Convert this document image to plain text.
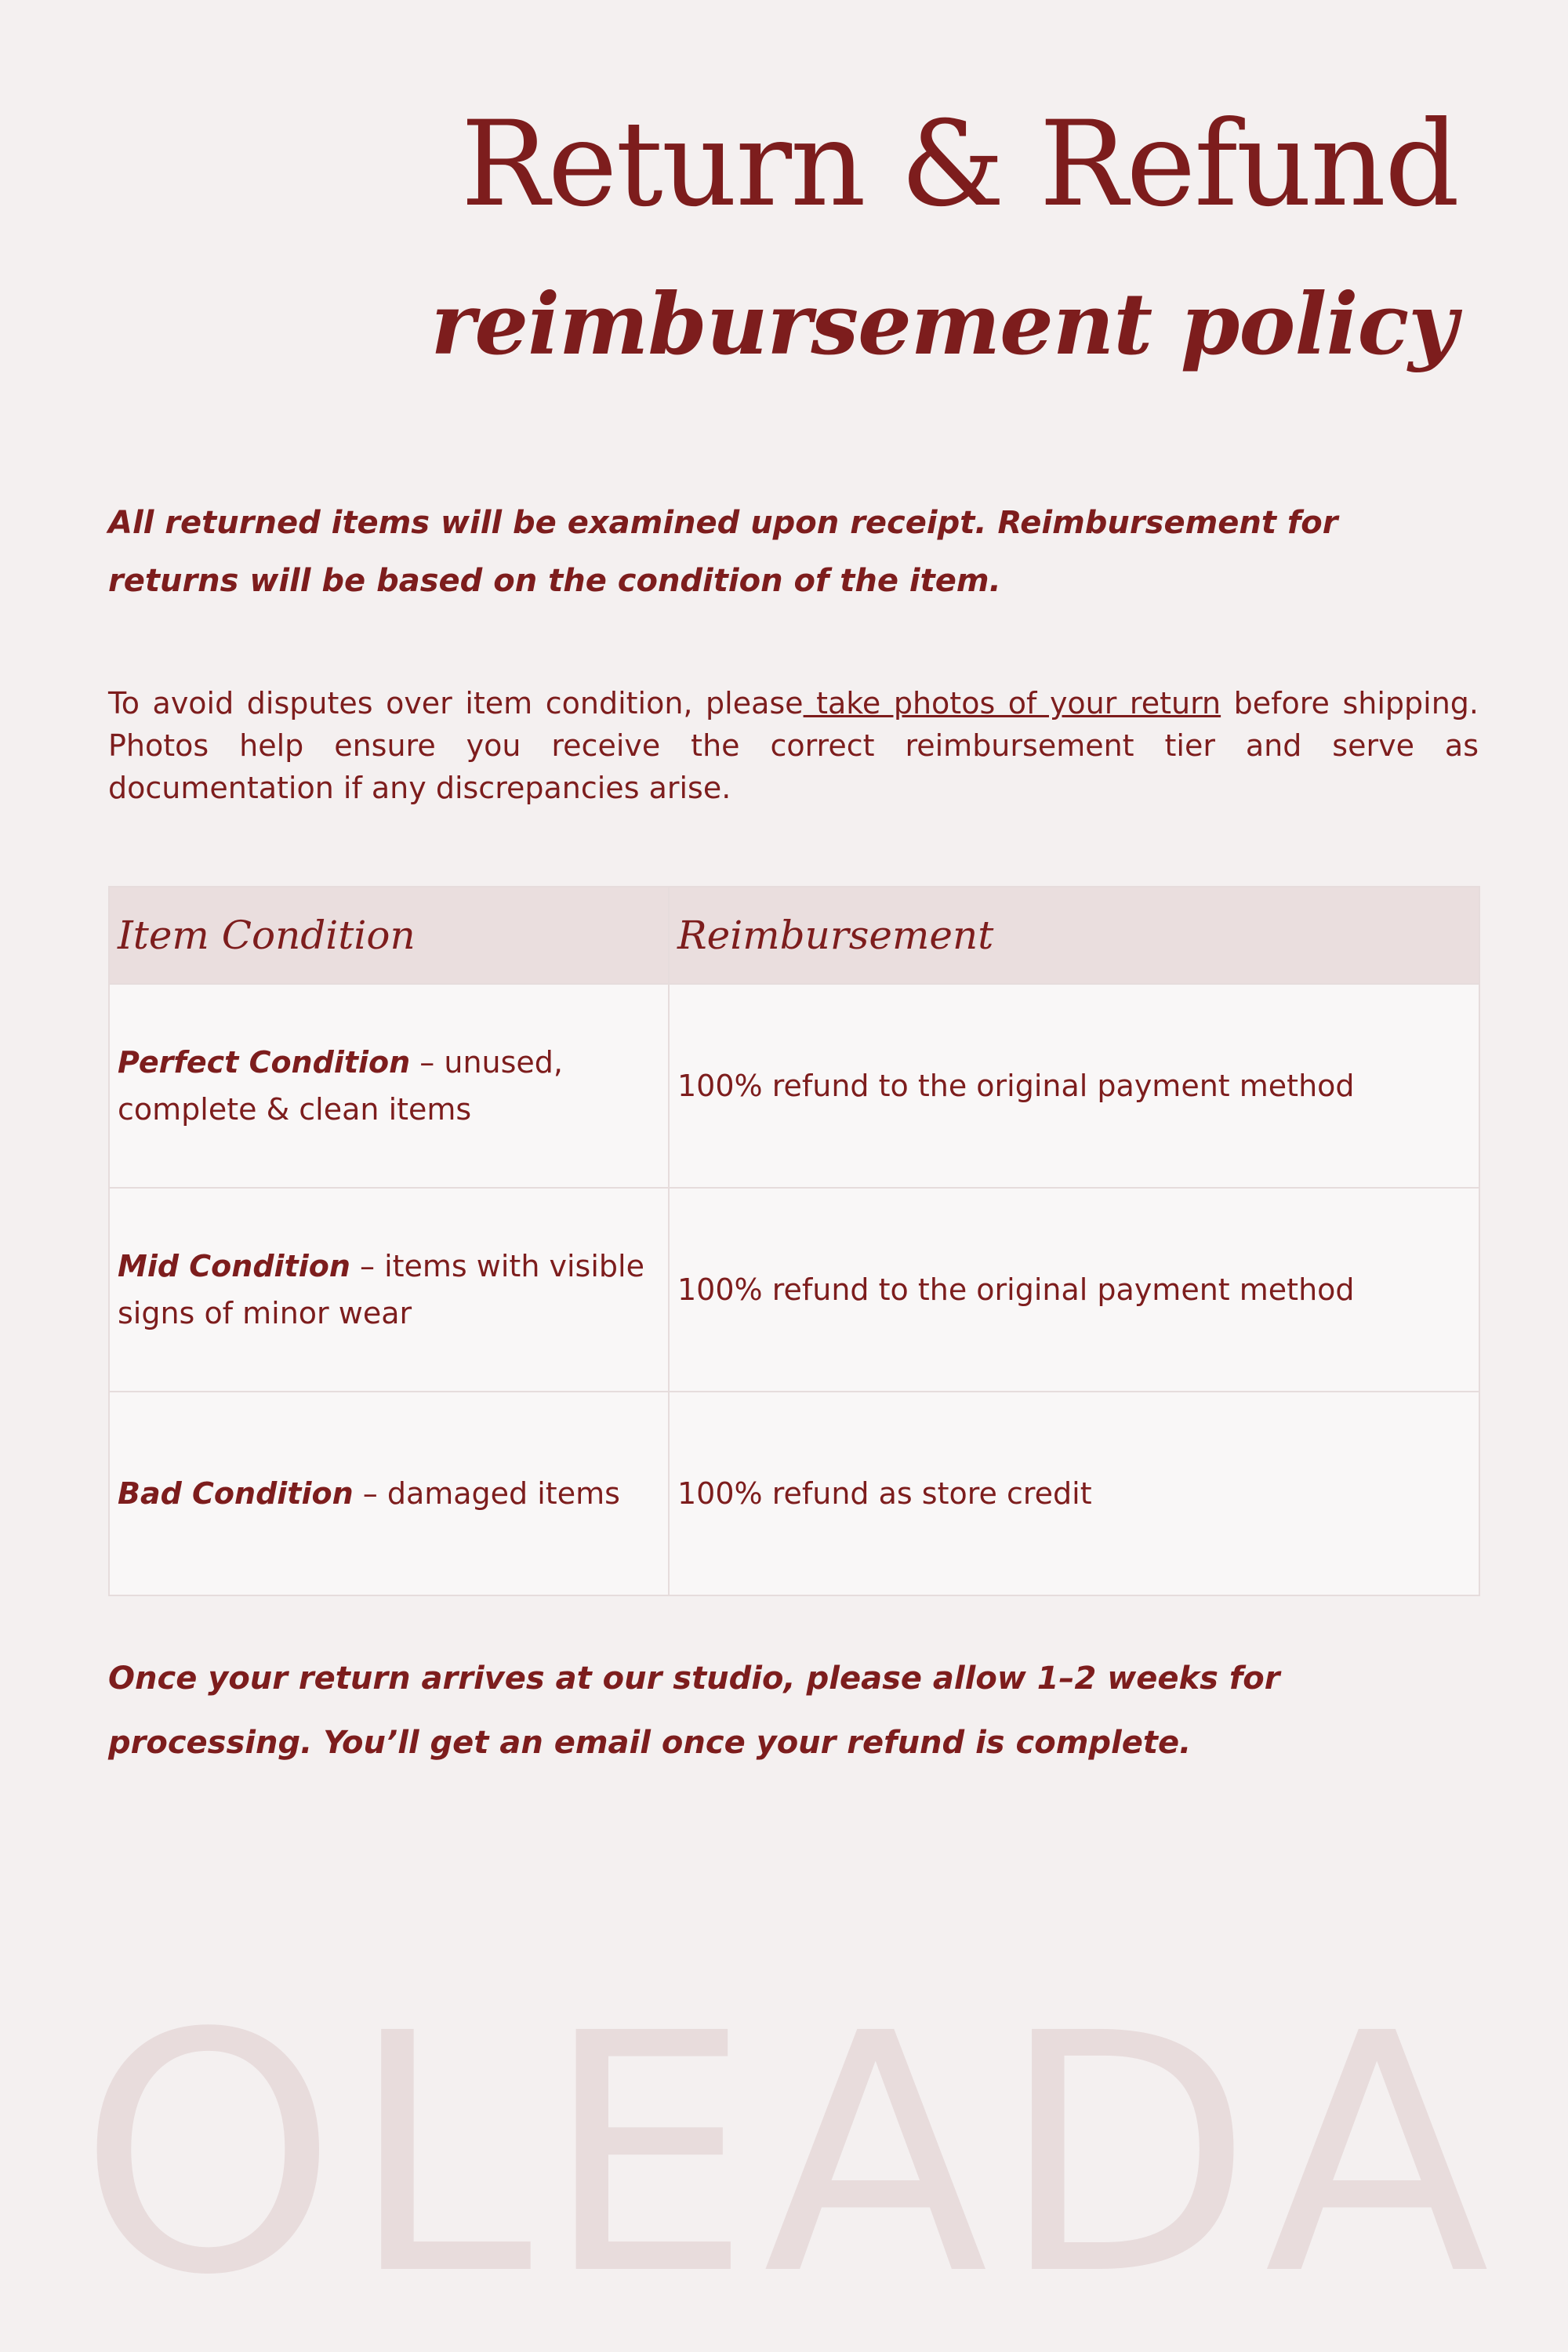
Return & Refund
reimbursement policy

All returned items will be examined upon receipt. Reimbursement for returns will be based on the condition of the item.

To avoid disputes over item condition, please take photos of your return before shipping. Photos help ensure you receive the correct reimbursement tier and serve as documentation if any discrepancies arise.

Item Condition	Reimbursement
Perfect Condition – unused, complete & clean items	100% refund to the original payment method
Mid Condition – items with visible signs of minor wear	100% refund to the original payment method
Bad Condition – damaged items	100% refund as store credit

Once your return arrives at our studio, please allow 1–2 weeks for processing. You’ll get an email once your refund is complete.

O L E A D A
